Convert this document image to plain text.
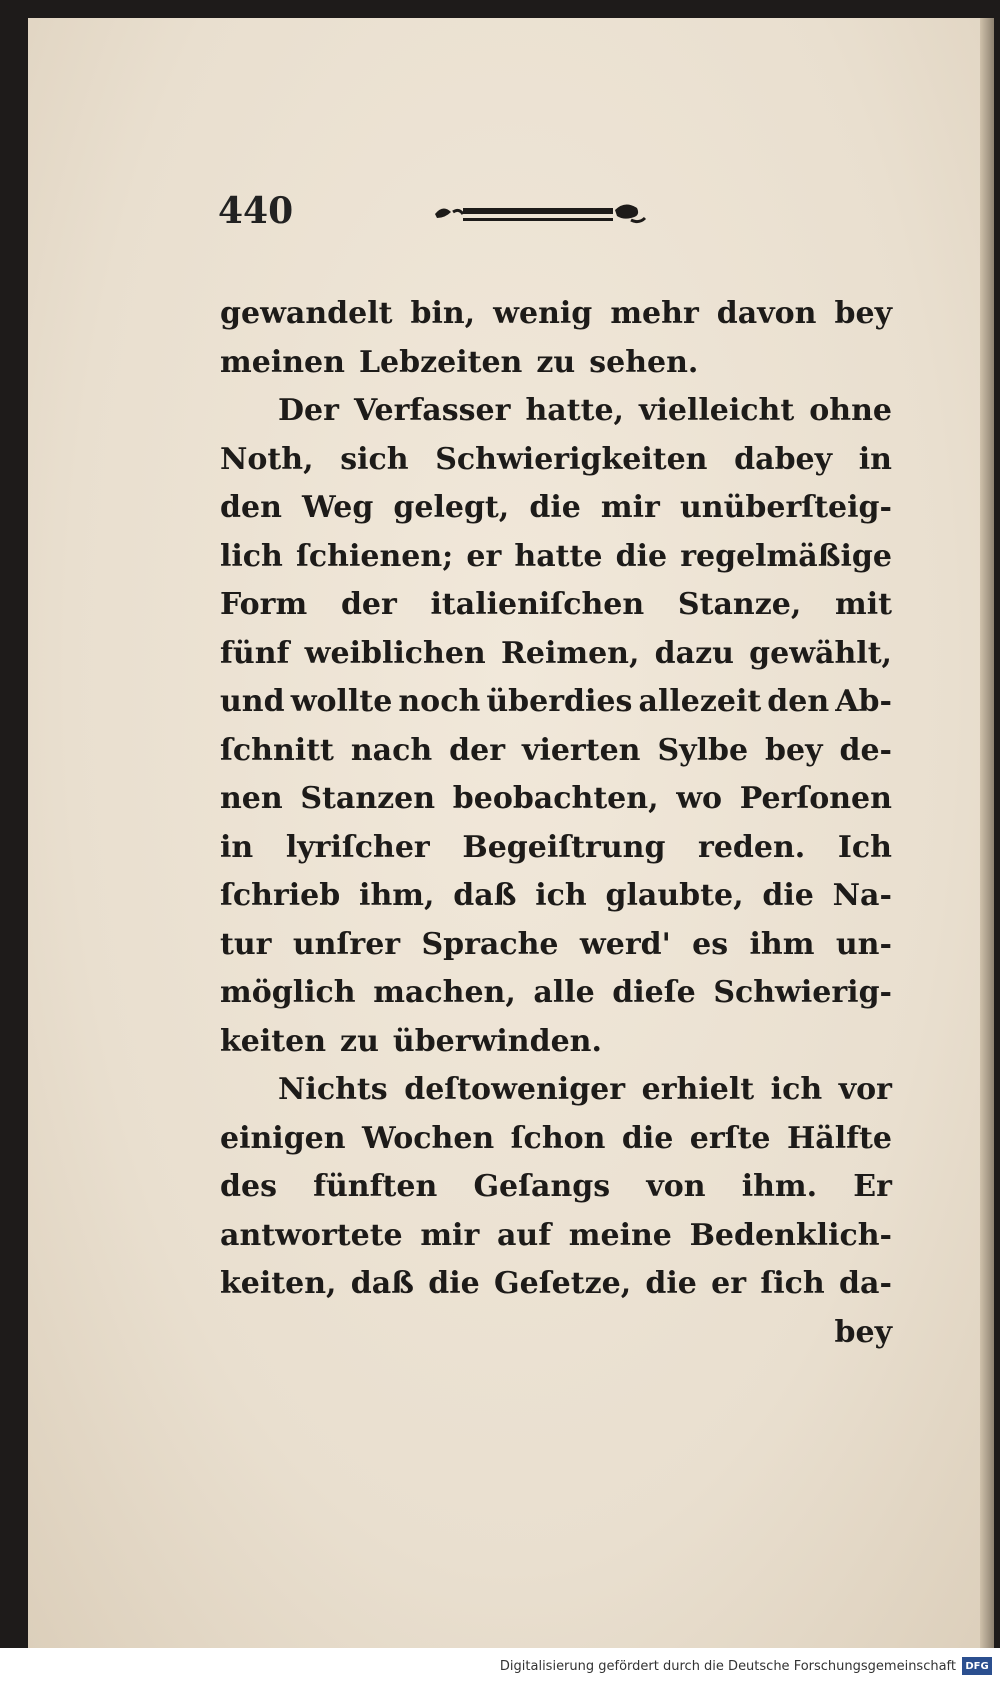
440
gewandelt bin, wenig mehr davon bey
meinen Lebzeiten zu sehen.
Der Verfasser hatte, vielleicht ohne
Noth, sich Schwierigkeiten dabey in
den Weg gelegt, die mir unüberſteig-
lich ſchienen; er hatte die regelmäßige
Form der italieniſchen Stanze, mit
fünf weiblichen Reimen, dazu gewählt,
und wollte noch überdies allezeit den Ab-
ſchnitt nach der vierten Sylbe bey de-
nen Stanzen beobachten, wo Perſonen
in lyriſcher Begeiſtrung reden. Ich
ſchrieb ihm, daß ich glaubte, die Na-
tur unſrer Sprache werd' es ihm un-
möglich machen, alle dieſe Schwierig-
keiten zu überwinden.
Nichts deſtoweniger erhielt ich vor
einigen Wochen ſchon die erſte Hälfte
des fünften Geſangs von ihm. Er
antwortete mir auf meine Bedenklich-
keiten, daß die Geſetze, die er ſich da-
bey
Digitalisierung gefördert durch die Deutsche Forschungsgemeinschaft DFG
